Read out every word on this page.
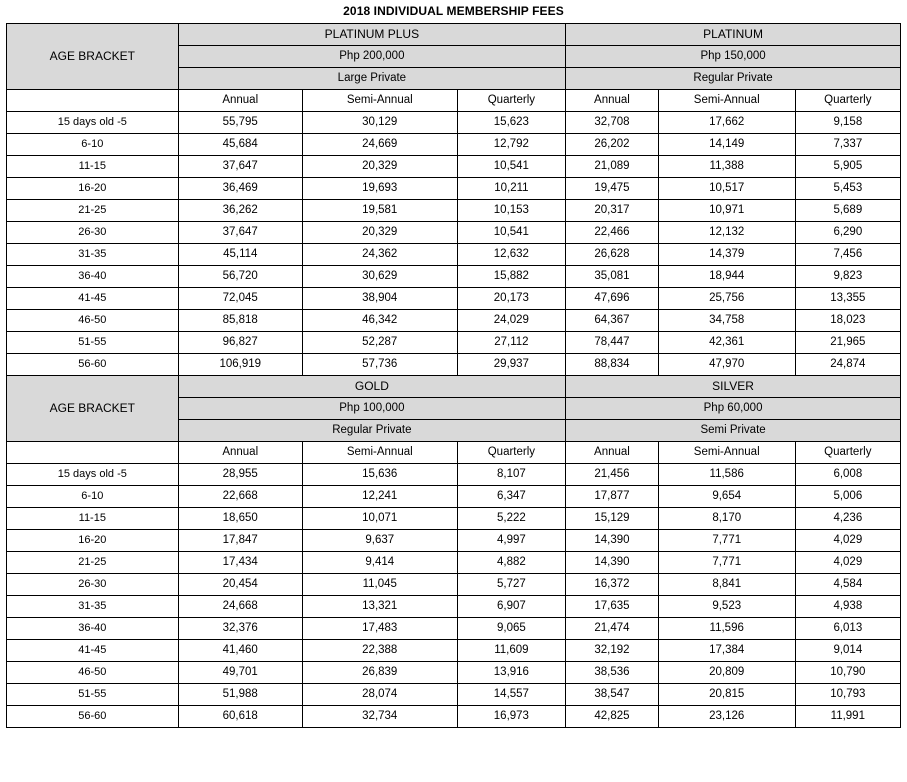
2018 INDIVIDUAL MEMBERSHIP FEES
AGE BRACKET	PLATINUM PLUS			PLATINUM		
	Php 200,000			Php 150,000		
	Large Private			Regular Private		
	Annual	Semi-Annual	Quarterly	Annual	Semi-Annual	Quarterly
15 days old -5	55,795	30,129	15,623	32,708	17,662	9,158
6-10	45,684	24,669	12,792	26,202	14,149	7,337
11-15	37,647	20,329	10,541	21,089	11,388	5,905
16-20	36,469	19,693	10,211	19,475	10,517	5,453
21-25	36,262	19,581	10,153	20,317	10,971	5,689
26-30	37,647	20,329	10,541	22,466	12,132	6,290
31-35	45,114	24,362	12,632	26,628	14,379	7,456
36-40	56,720	30,629	15,882	35,081	18,944	9,823
41-45	72,045	38,904	20,173	47,696	25,756	13,355
46-50	85,818	46,342	24,029	64,367	34,758	18,023
51-55	96,827	52,287	27,112	78,447	42,361	21,965
56-60	106,919	57,736	29,937	88,834	47,970	24,874
AGE BRACKET	GOLD			SILVER		
	Php 100,000			Php 60,000		
	Regular Private			Semi Private		
	Annual	Semi-Annual	Quarterly	Annual	Semi-Annual	Quarterly
15 days old -5	28,955	15,636	8,107	21,456	11,586	6,008
6-10	22,668	12,241	6,347	17,877	9,654	5,006
11-15	18,650	10,071	5,222	15,129	8,170	4,236
16-20	17,847	9,637	4,997	14,390	7,771	4,029
21-25	17,434	9,414	4,882	14,390	7,771	4,029
26-30	20,454	11,045	5,727	16,372	8,841	4,584
31-35	24,668	13,321	6,907	17,635	9,523	4,938
36-40	32,376	17,483	9,065	21,474	11,596	6,013
41-45	41,460	22,388	11,609	32,192	17,384	9,014
46-50	49,701	26,839	13,916	38,536	20,809	10,790
51-55	51,988	28,074	14,557	38,547	20,815	10,793
56-60	60,618	32,734	16,973	42,825	23,126	11,991
